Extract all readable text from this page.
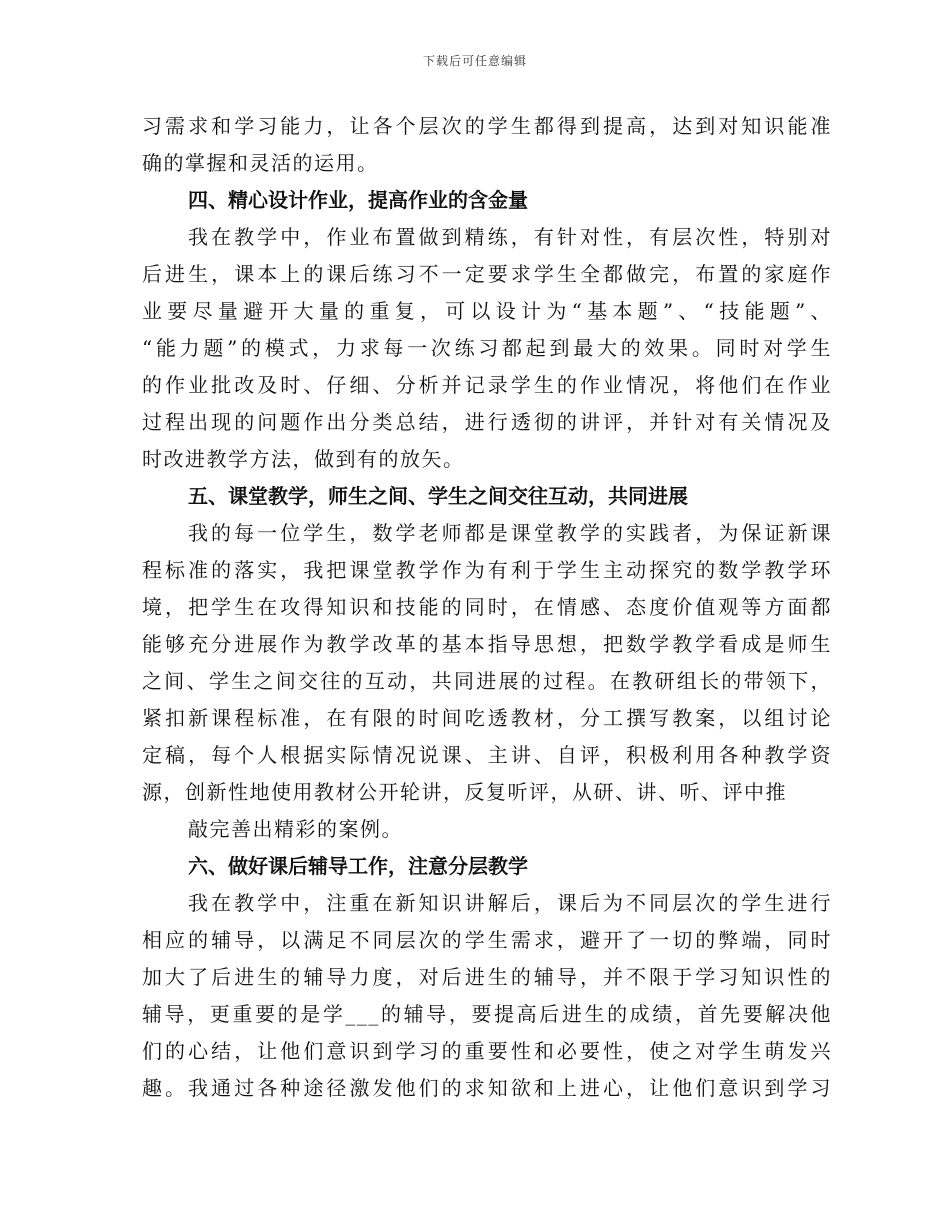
下载后可任意编辑
习需求和学习能力，让各个层次的学生都得到提高，达到对知识能准
确的掌握和灵活的运用。
四、精心设计作业，提高作业的含金量
我在教学中，作业布置做到精练，有针对性，有层次性，特别对
后进生，课本上的课后练习不一定要求学生全都做完，布置的家庭作
业要尽量避开大量的重复，可以设计为“基本题”、“技能题”、
“能力题”的模式，力求每一次练习都起到最大的效果。同时对学生
的作业批改及时、仔细、分析并记录学生的作业情况，将他们在作业
过程出现的问题作出分类总结，进行透彻的讲评，并针对有关情况及
时改进教学方法，做到有的放矢。
五、课堂教学，师生之间、学生之间交往互动，共同进展
我的每一位学生，数学老师都是课堂教学的实践者，为保证新课
程标准的落实，我把课堂教学作为有利于学生主动探究的数学教学环
境，把学生在攻得知识和技能的同时，在情感、态度价值观等方面都
能够充分进展作为教学改革的基本指导思想，把数学教学看成是师生
之间、学生之间交往的互动，共同进展的过程。在教研组长的带领下，
紧扣新课程标准，在有限的时间吃透教材，分工撰写教案，以组讨论
定稿，每个人根据实际情况说课、主讲、自评，积极利用各种教学资
源，创新性地使用教材公开轮讲，反复听评，从研、讲、听、评中推
敲完善出精彩的案例。
六、做好课后辅导工作，注意分层教学
我在教学中，注重在新知识讲解后，课后为不同层次的学生进行
相应的辅导，以满足不同层次的学生需求，避开了一切的弊端，同时
加大了后进生的辅导力度，对后进生的辅导，并不限于学习知识性的
辅导，更重要的是学___的辅导，要提高后进生的成绩，首先要解决他
们的心结，让他们意识到学习的重要性和必要性，使之对学生萌发兴
趣。我通过各种途径激发他们的求知欲和上进心，让他们意识到学习
